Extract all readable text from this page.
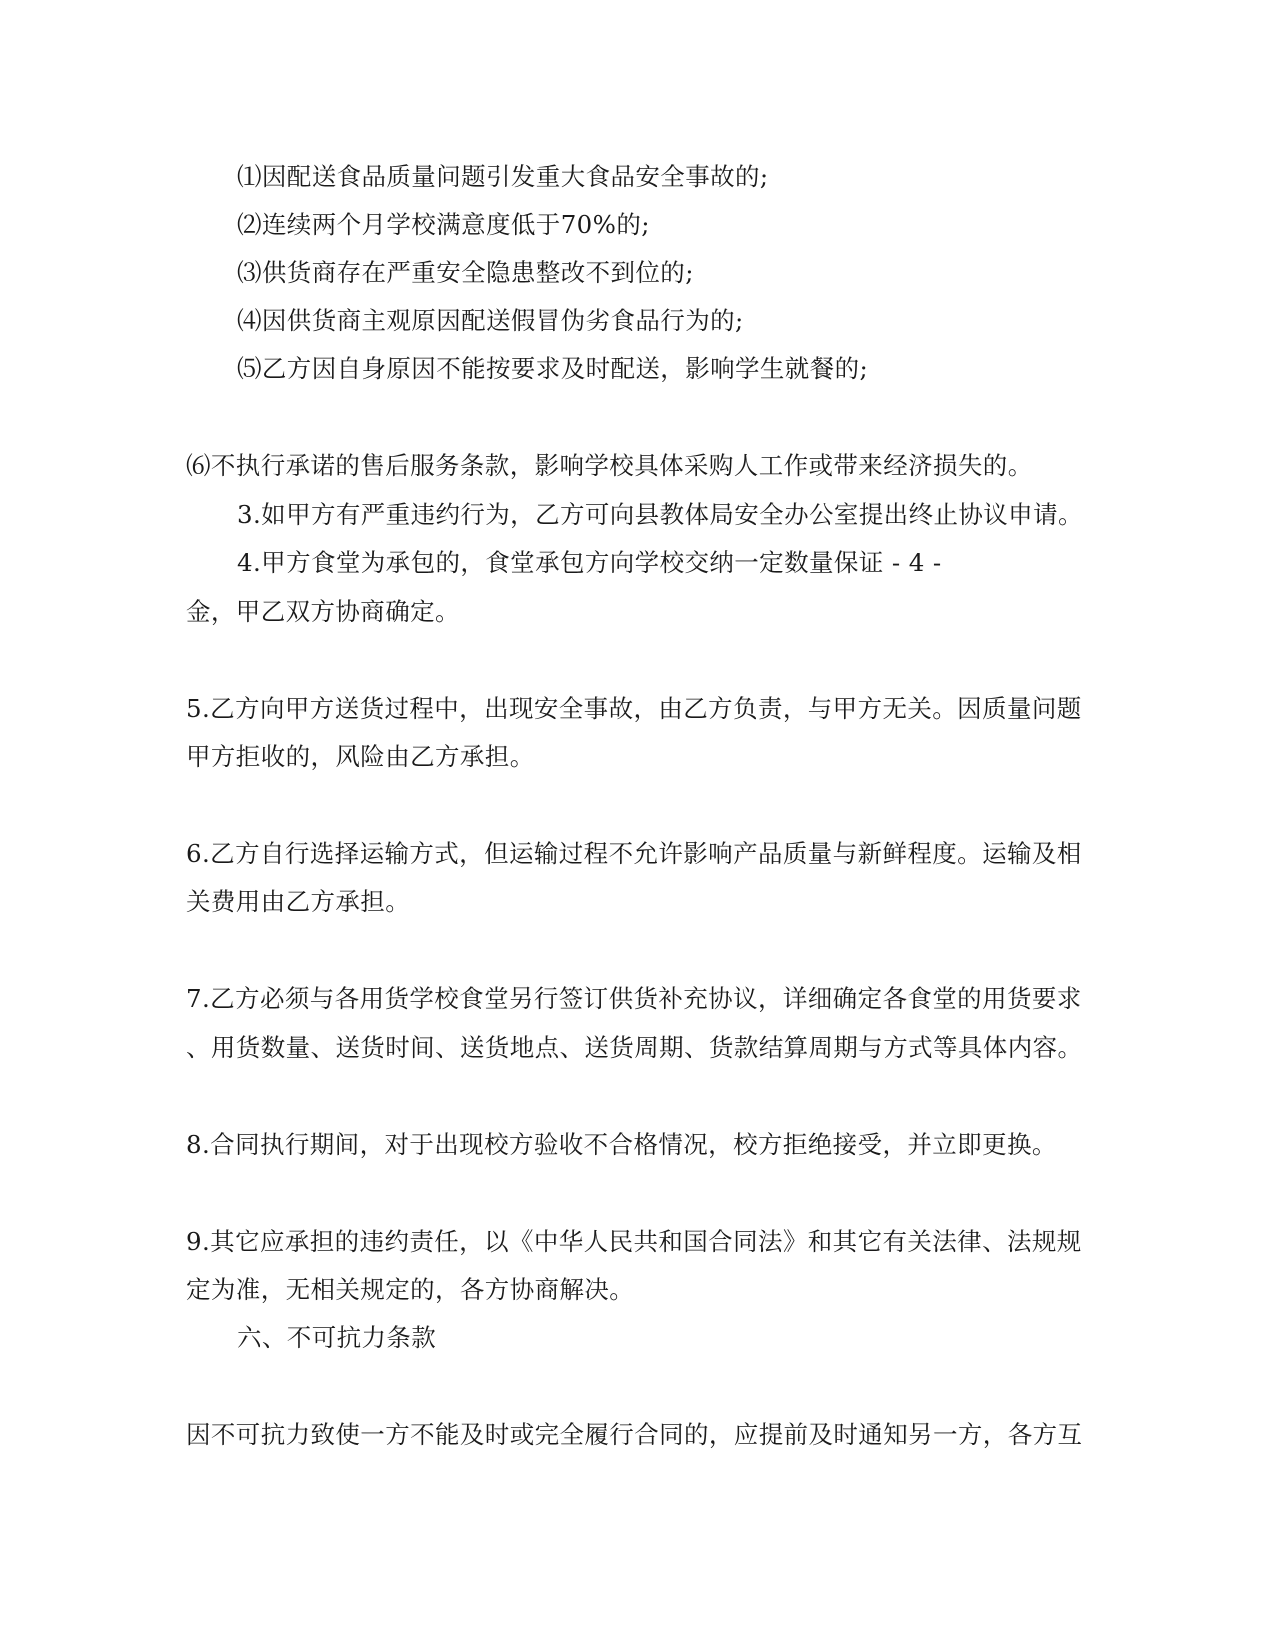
⑴因配送食品质量问题引发重大食品安全事故的;
⑵连续两个月学校满意度低于70%的;
⑶供货商存在严重安全隐患整改不到位的;
⑷因供货商主观原因配送假冒伪劣食品行为的;
⑸乙方因自身原因不能按要求及时配送，影响学生就餐的;
⑹不执行承诺的售后服务条款，影响学校具体采购人工作或带来经济损失的。
3.如甲方有严重违约行为，乙方可向县教体局安全办公室提出终止协议申请。
4.甲方食堂为承包的，食堂承包方向学校交纳一定数量保证 - 4 -
金，甲乙双方协商确定。
5.乙方向甲方送货过程中，出现安全事故，由乙方负责，与甲方无关。因质量问题
甲方拒收的，风险由乙方承担。
6.乙方自行选择运输方式，但运输过程不允许影响产品质量与新鲜程度。运输及相
关费用由乙方承担。
7.乙方必须与各用货学校食堂另行签订供货补充协议，详细确定各食堂的用货要求
、用货数量、送货时间、送货地点、送货周期、货款结算周期与方式等具体内容。
8.合同执行期间，对于出现校方验收不合格情况，校方拒绝接受，并立即更换。
9.其它应承担的违约责任，以《中华人民共和国合同法》和其它有关法律、法规规
定为准，无相关规定的，各方协商解决。
六、不可抗力条款
因不可抗力致使一方不能及时或完全履行合同的，应提前及时通知另一方，各方互
